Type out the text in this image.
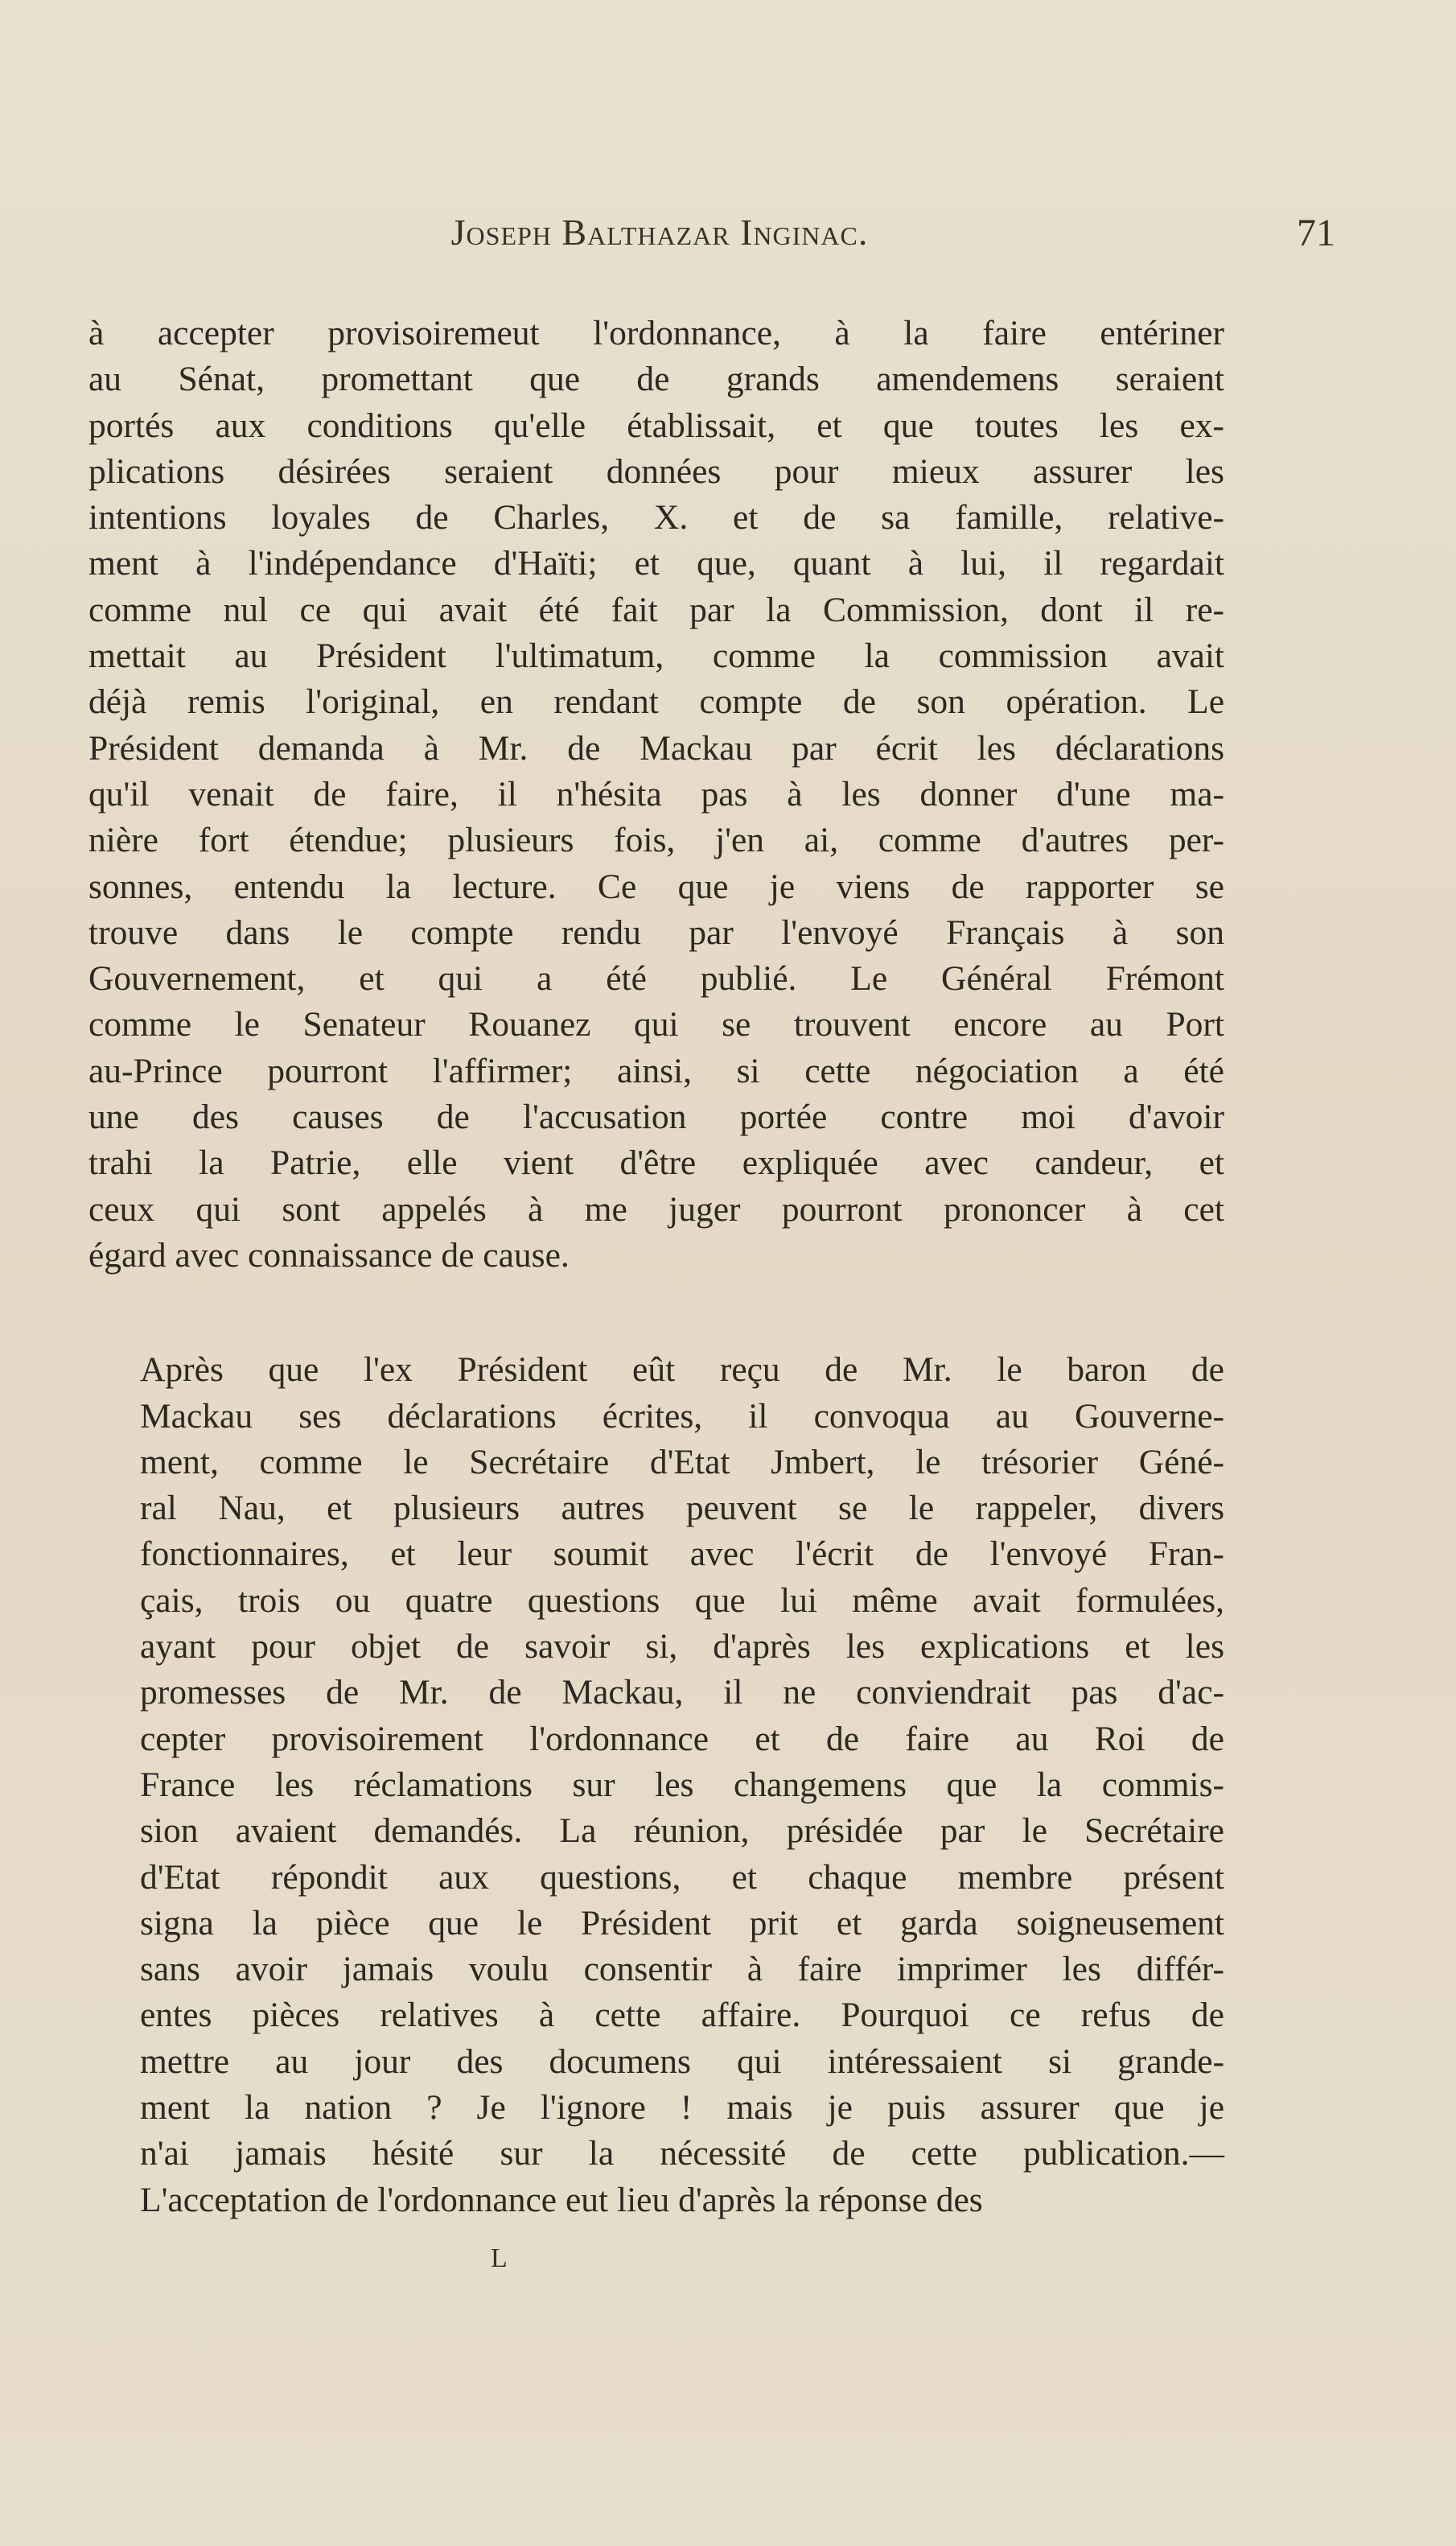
Joseph Balthazar Inginac.	71

à accepter provisoiremeut l'ordonnance, à la faire entériner
au Sénat, promettant que de grands amendemens seraient
portés aux conditions qu'elle établissait, et que toutes les ex-
plications désirées seraient données pour mieux assurer les
intentions loyales de Charles, X. et de sa famille, relative-
ment à l'indépendance d'Haïti; et que, quant à lui, il regardait
comme nul ce qui avait été fait par la Commission, dont il re-
mettait au Président l'ultimatum, comme la commission avait
déjà remis l'original, en rendant compte de son opération. Le
Président demanda à Mr. de Mackau par écrit les déclarations
qu'il venait de faire, il n'hésita pas à les donner d'une ma-
nière fort étendue; plusieurs fois, j'en ai, comme d'autres per-
sonnes, entendu la lecture. Ce que je viens de rapporter se
trouve dans le compte rendu par l'envoyé Français à son
Gouvernement, et qui a été publié. Le Général Frémont
comme le Senateur Rouanez qui se trouvent encore au Port
au-Prince pourront l'affirmer; ainsi, si cette négociation a été
une des causes de l'accusation portée contre moi d'avoir
trahi la Patrie, elle vient d'être expliquée avec candeur, et
ceux qui sont appelés à me juger pourront prononcer à cet
égard avec connaissance de cause.

Après que l'ex Président eût reçu de Mr. le baron de
Mackau ses déclarations écrites, il convoqua au Gouverne-
ment, comme le Secrétaire d'Etat Jmbert, le trésorier Géné-
ral Nau, et plusieurs autres peuvent se le rappeler, divers
fonctionnaires, et leur soumit avec l'écrit de l'envoyé Fran-
çais, trois ou quatre questions que lui même avait formulées,
ayant pour objet de savoir si, d'après les explications et les
promesses de Mr. de Mackau, il ne conviendrait pas d'ac-
cepter provisoirement l'ordonnance et de faire au Roi de
France les réclamations sur les changemens que la commis-
sion avaient demandés. La réunion, présidée par le Secrétaire
d'Etat répondit aux questions, et chaque membre présent
signa la pièce que le Président prit et garda soigneusement
sans avoir jamais voulu consentir à faire imprimer les différ-
entes pièces relatives à cette affaire. Pourquoi ce refus de
mettre au jour des documens qui intéressaient si grande-
ment la nation ? Je l'ignore ! mais je puis assurer que je
n'ai jamais hésité sur la nécessité de cette publication.—
L'acceptation de l'ordonnance eut lieu d'après la réponse des

L
